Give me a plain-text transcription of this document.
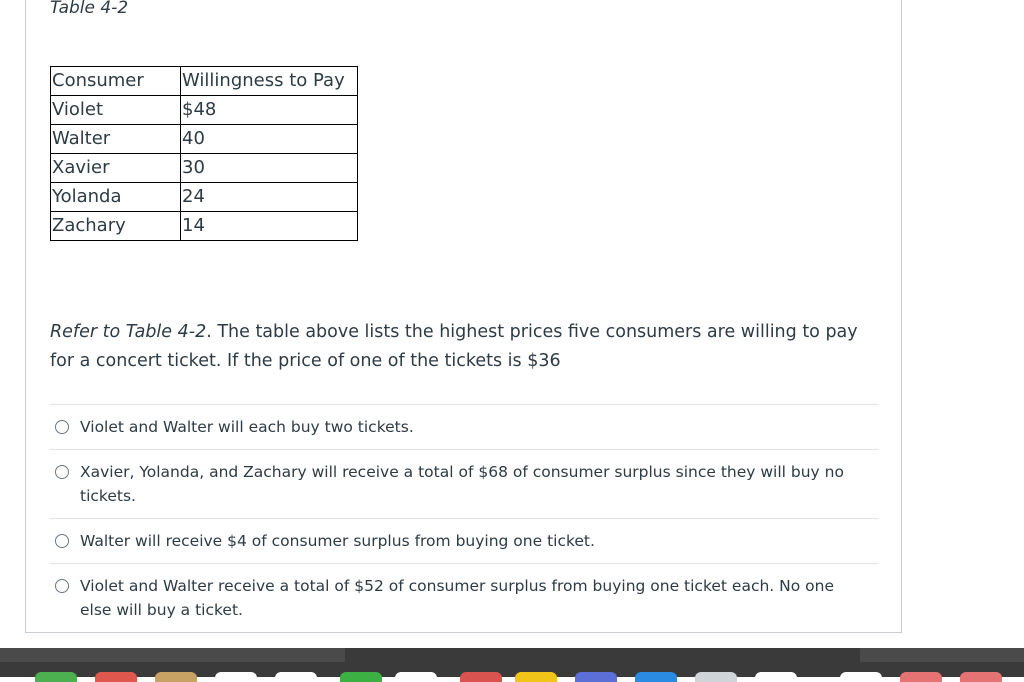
Table 4-2
Consumer	Willingness to Pay
Violet	$48
Walter	40
Xavier	30
Yolanda	24
Zachary	14
Refer to Table 4-2. The table above lists the highest prices five consumers are willing to pay for a concert ticket. If the price of one of the tickets is $36
Violet and Walter will each buy two tickets.
Xavier, Yolanda, and Zachary will receive a total of $68 of consumer surplus since they will buy no tickets.
Walter will receive $4 of consumer surplus from buying one ticket.
Violet and Walter receive a total of $52 of consumer surplus from buying one ticket each. No one else will buy a ticket.
